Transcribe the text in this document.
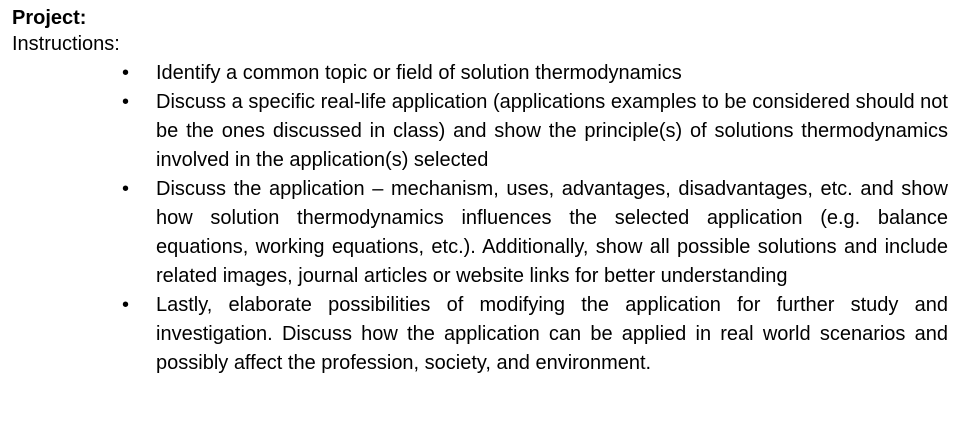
Project:

Instructions:

• Identify a common topic or field of solution thermodynamics
• Discuss a specific real-life application (applications examples to be considered should not be the ones discussed in class) and show the principle(s) of solutions thermodynamics involved in the application(s) selected
• Discuss the application – mechanism, uses, advantages, disadvantages, etc. and show how solution thermodynamics influences the selected application (e.g. balance equations, working equations, etc.). Additionally, show all possible solutions and include related images, journal articles or website links for better understanding
• Lastly, elaborate possibilities of modifying the application for further study and investigation. Discuss how the application can be applied in real world scenarios and possibly affect the profession, society, and environment.
